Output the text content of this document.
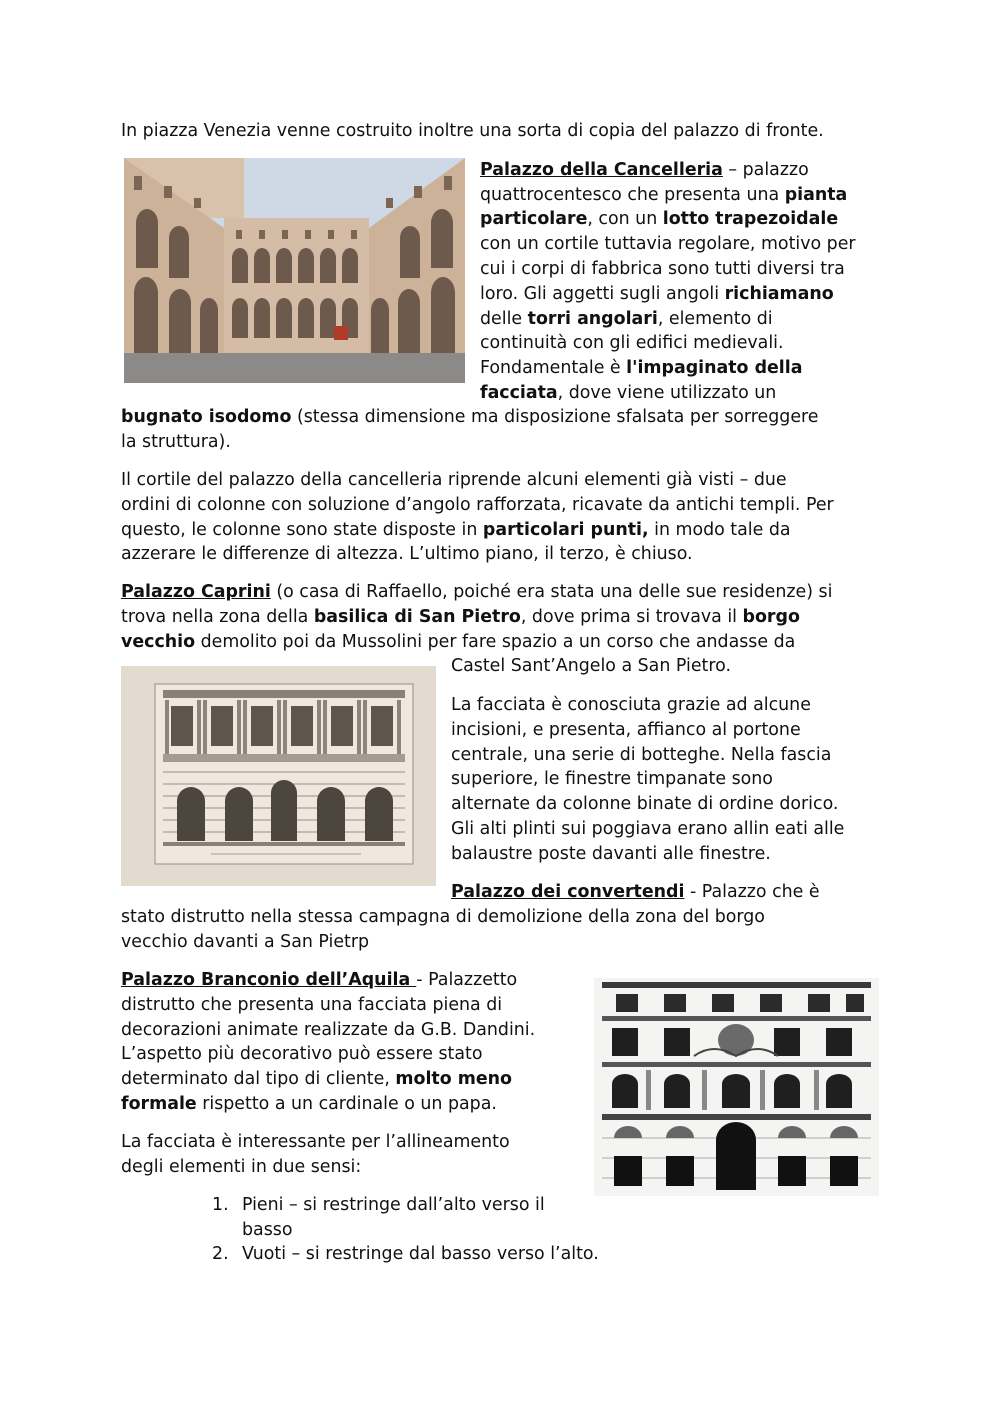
In piazza Venezia venne costruito inoltre una sorta di copia del palazzo di fronte.
Palazzo della Cancelleria – palazzo
quattrocentesco che presenta una pianta
particolare, con un lotto trapezoidale
con un cortile tuttavia regolare, motivo per
cui i corpi di fabbrica sono tutti diversi tra
loro. Gli aggetti sugli angoli richiamano
delle torri angolari, elemento di
continuità con gli edifici medievali.
Fondamentale è l'impaginato della
facciata, dove viene utilizzato un
bugnato isodomo (stessa dimensione ma disposizione sfalsata per sorreggere
la struttura).
Il cortile del palazzo della cancelleria riprende alcuni elementi già visti – due
ordini di colonne con soluzione d’angolo rafforzata, ricavate da antichi templi. Per
questo, le colonne sono state disposte in particolari punti, in modo tale da
azzerare le differenze di altezza. L’ultimo piano, il terzo, è chiuso.
Palazzo Caprini (o casa di Raffaello, poiché era stata una delle sue residenze) si
trova nella zona della basilica di San Pietro, dove prima si trovava il borgo
vecchio demolito poi da Mussolini per fare spazio a un corso che andasse da
Castel Sant’Angelo a San Pietro.
La facciata è conosciuta grazie ad alcune
incisioni, e presenta, affianco al portone
centrale, una serie di botteghe. Nella fascia
superiore, le finestre timpanate sono
alternate da colonne binate di ordine dorico.
Gli alti plinti sui poggiava erano allin eati alle
balaustre poste davanti alle finestre.
Palazzo dei convertendi - Palazzo che è
stato distrutto nella stessa campagna di demolizione della zona del borgo
vecchio davanti a San Pietrp
Palazzo Branconio dell’Aquila - Palazzetto
distrutto che presenta una facciata piena di
decorazioni animate realizzate da G.B. Dandini.
L’aspetto più decorativo può essere stato
determinato dal tipo di cliente, molto meno
formale rispetto a un cardinale o un papa.
La facciata è interessante per l’allineamento
degli elementi in due sensi:
1. Pieni – si restringe dall’alto verso il
basso
2. Vuoti – si restringe dal basso verso l’alto.
